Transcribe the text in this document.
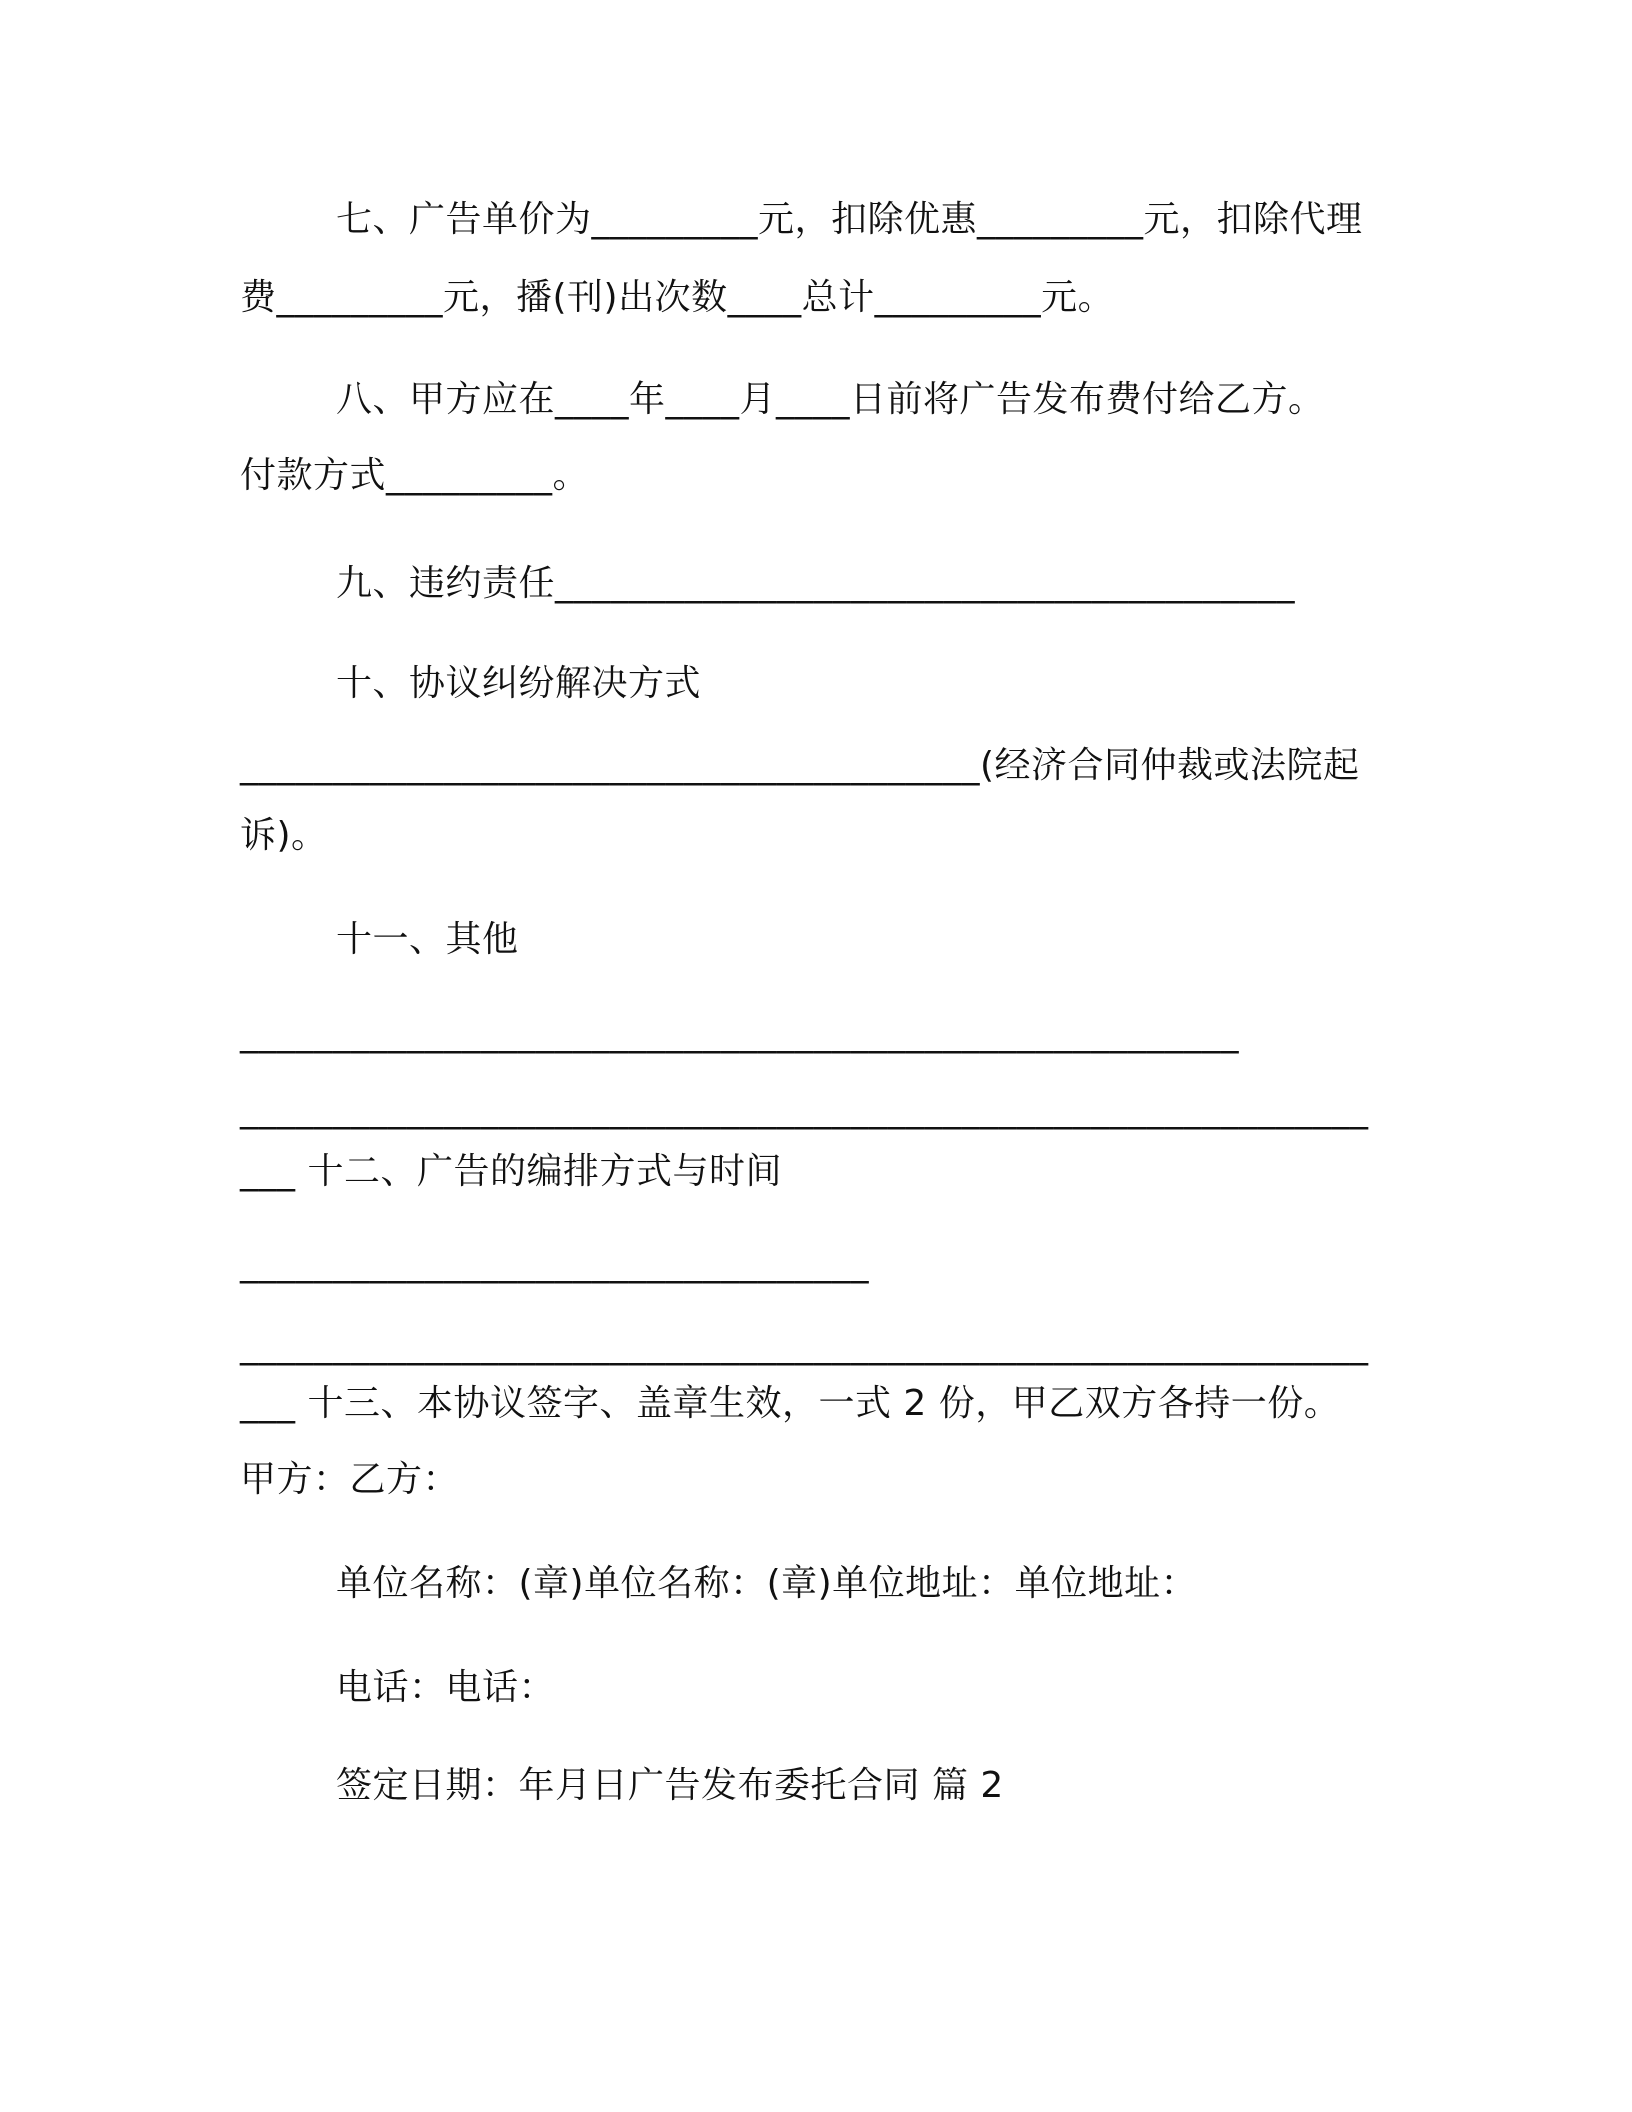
七、广告单价为_________元，扣除优惠_________元，扣除代理
费_________元，播(刊)出次数____总计_________元。
八、甲方应在____年____月____日前将广告发布费付给乙方。
付款方式_________。
九、违约责任________________________________________
十、协议纠纷解决方式
________________________________________(经济合同仲裁或法院起
诉)。
十一、其他
______________________________________________________
_____________________________________________________________
___ 十二、广告的编排方式与时间
__________________________________
_____________________________________________________________
___ 十三、本协议签字、盖章生效，一式 2 份，甲乙双方各持一份。
甲方：乙方：
单位名称：(章)单位名称：(章)单位地址：单位地址：
电话：电话：
签定日期：年月日广告发布委托合同 篇 2
